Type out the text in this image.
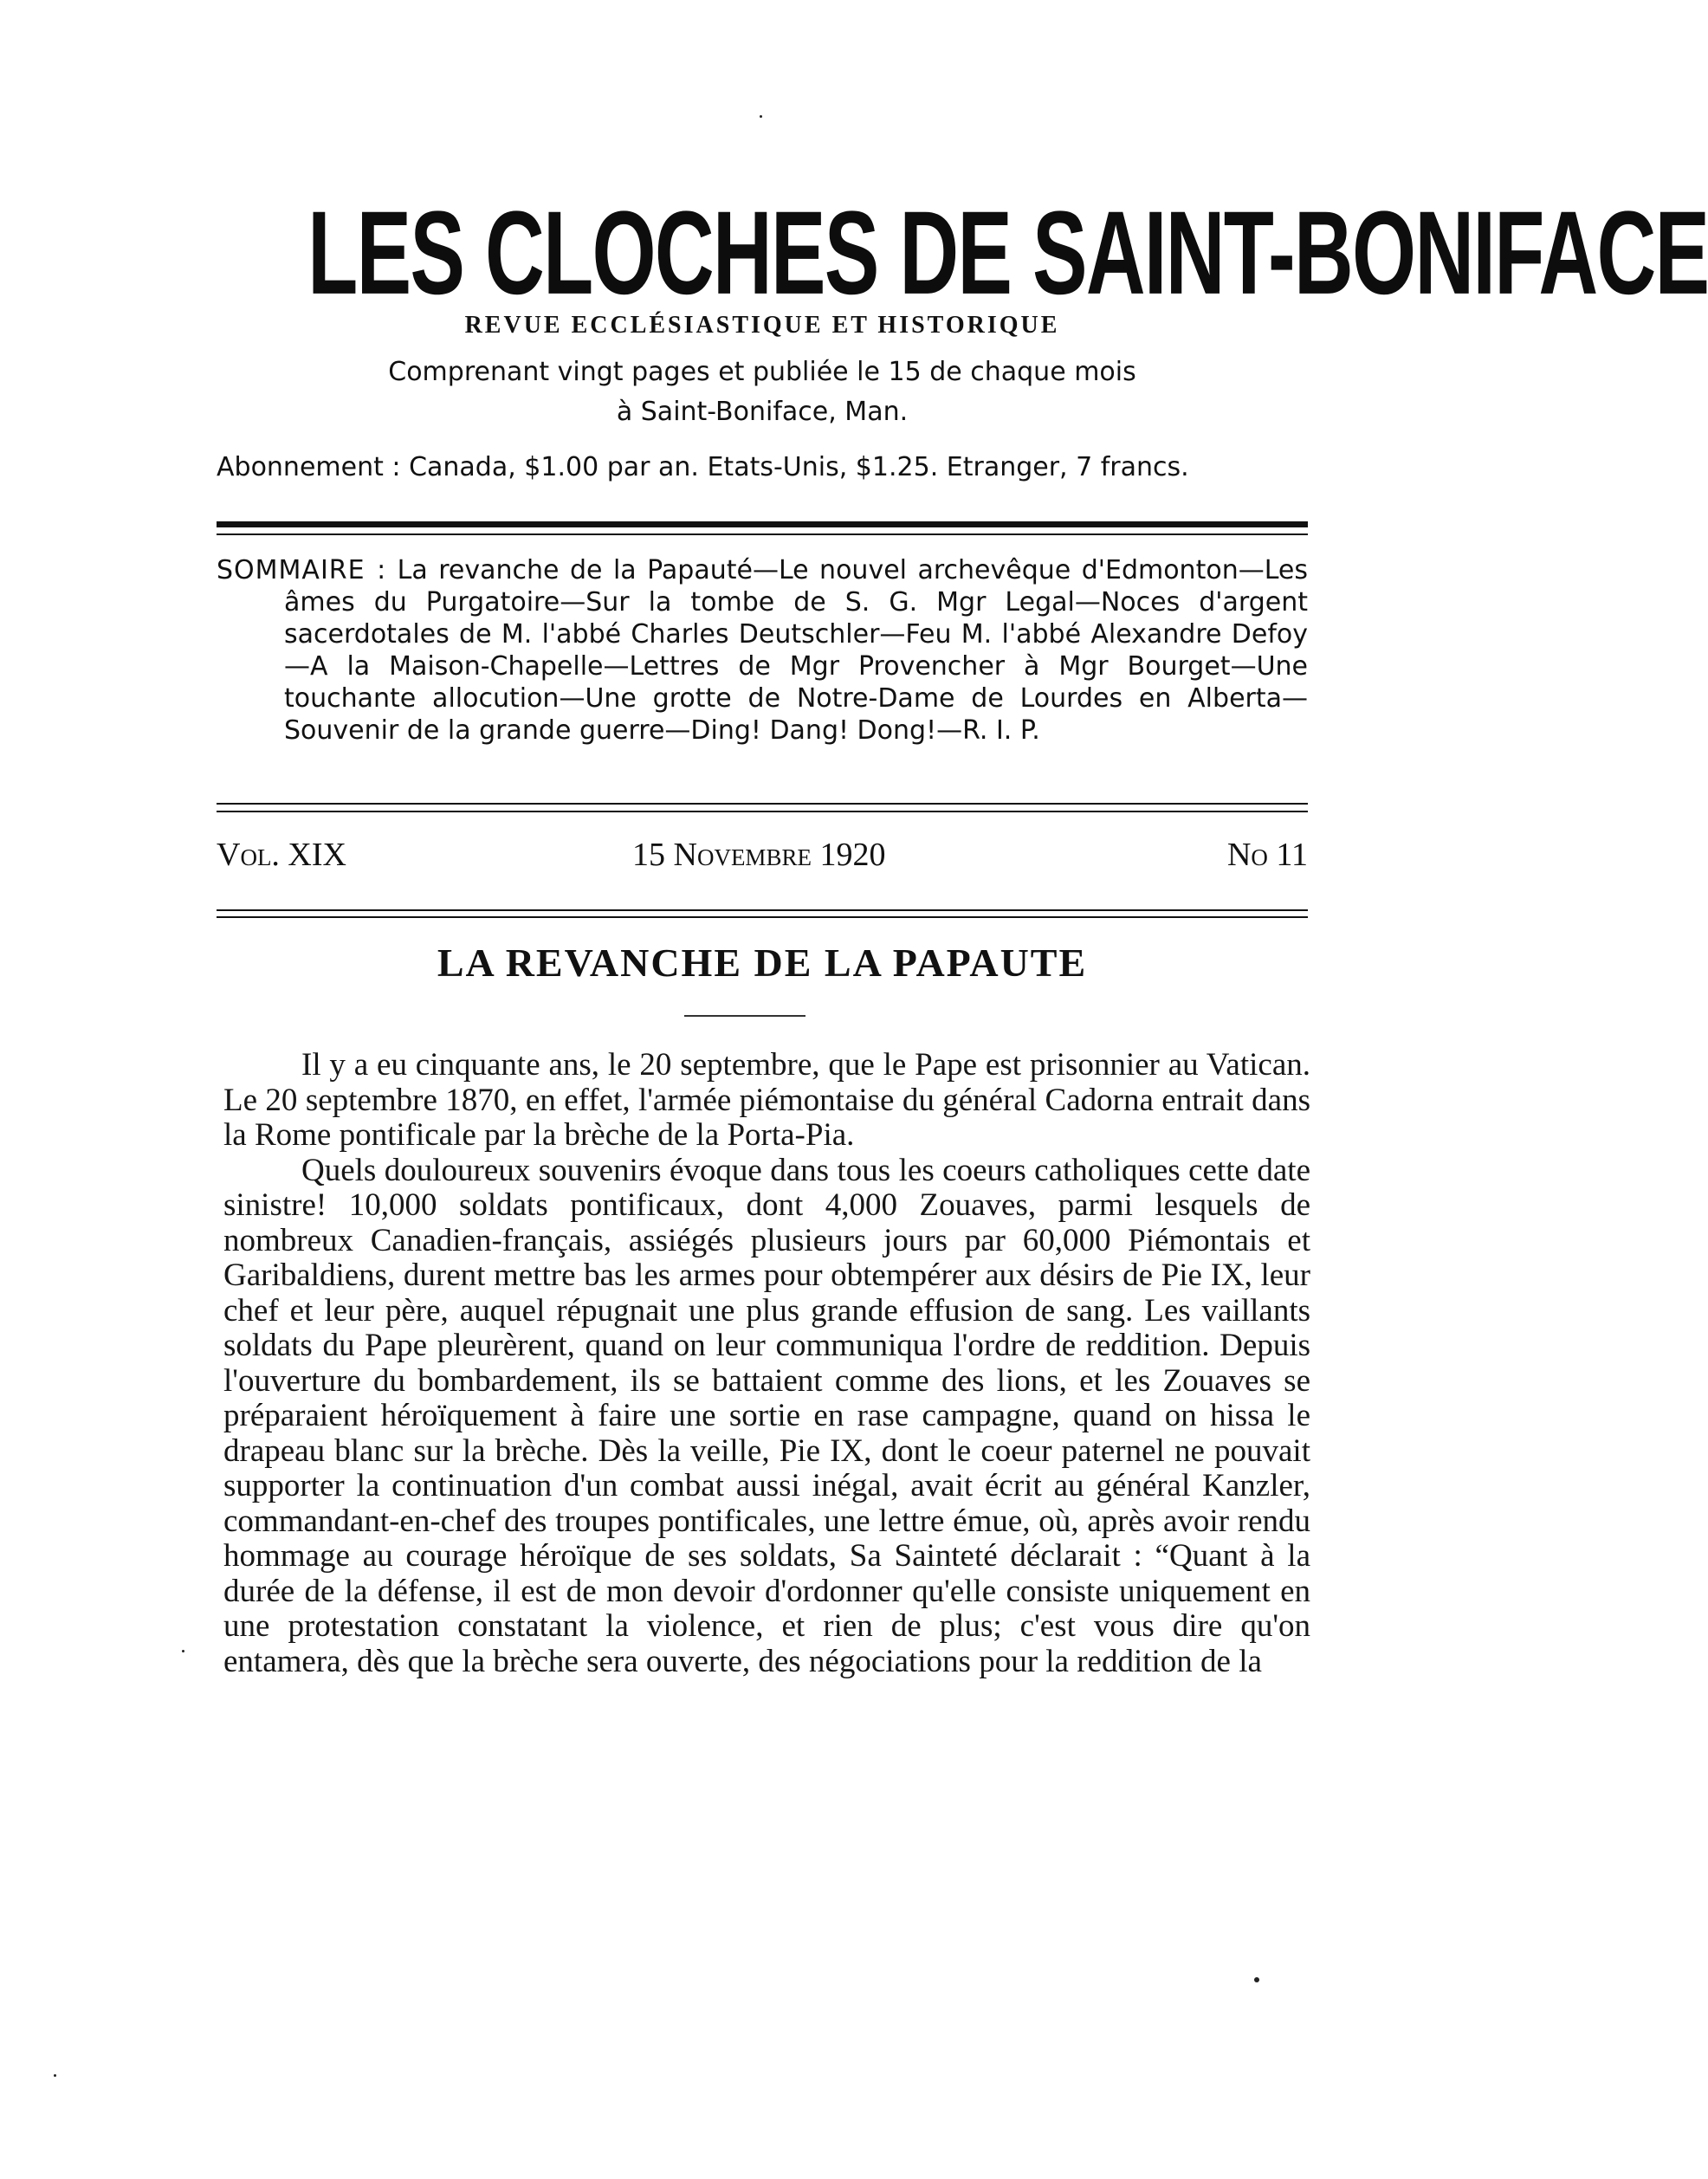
LES CLOCHES DE SAINT-BONIFACE
REVUE ECCLÉSIASTIQUE ET HISTORIQUE
Comprenant vingt pages et publiée le 15 de chaque mois
à Saint-Boniface, Man.
Abonnement : Canada, $1.00 par an. Etats-Unis, $1.25. Etranger, 7 francs.
SOMMAIRE : La revanche de la Papauté—Le nouvel archevêque d'Edmonton—Les âmes du Purgatoire—Sur la tombe de S. G. Mgr Legal—Noces d'argent sacerdotales de M. l'abbé Charles Deutschler—Feu M. l'abbé Alexandre Defoy—A la Maison-Chapelle—Lettres de Mgr Provencher à Mgr Bourget—Une touchante allocution—Une grotte de Notre-Dame de Lourdes en Alberta—Souvenir de la grande guerre—Ding! Dang! Dong!—R. I. P.
Vol. XIX	15 Novembre 1920	No 11
LA REVANCHE DE LA PAPAUTE

Il y a eu cinquante ans, le 20 septembre, que le Pape est prisonnier au Vatican. Le 20 septembre 1870, en effet, l'armée piémontaise du général Cadorna entrait dans la Rome pontificale par la brèche de la Porta-Pia.

Quels douloureux souvenirs évoque dans tous les coeurs catholiques cette date sinistre! 10,000 soldats pontificaux, dont 4,000 Zouaves, parmi lesquels de nombreux Canadien-français, assiégés plusieurs jours par 60,000 Piémontais et Garibaldiens, durent mettre bas les armes pour obtempérer aux désirs de Pie IX, leur chef et leur père, auquel répugnait une plus grande effusion de sang. Les vaillants soldats du Pape pleurèrent, quand on leur communiqua l'ordre de reddition. Depuis l'ouverture du bombardement, ils se battaient comme des lions, et les Zouaves se préparaient héroïquement à faire une sortie en rase campagne, quand on hissa le drapeau blanc sur la brèche. Dès la veille, Pie IX, dont le coeur paternel ne pouvait supporter la continuation d'un combat aussi inégal, avait écrit au général Kanzler, commandant-en-chef des troupes pontificales, une lettre émue, où, après avoir rendu hommage au courage héroïque de ses soldats, Sa Sainteté déclarait : “Quant à la durée de la défense, il est de mon devoir d'ordonner qu'elle consiste uniquement en une protestation constatant la violence, et rien de plus; c'est vous dire qu'on entamera, dès que la brèche sera ouverte, des négociations pour la reddition de la
